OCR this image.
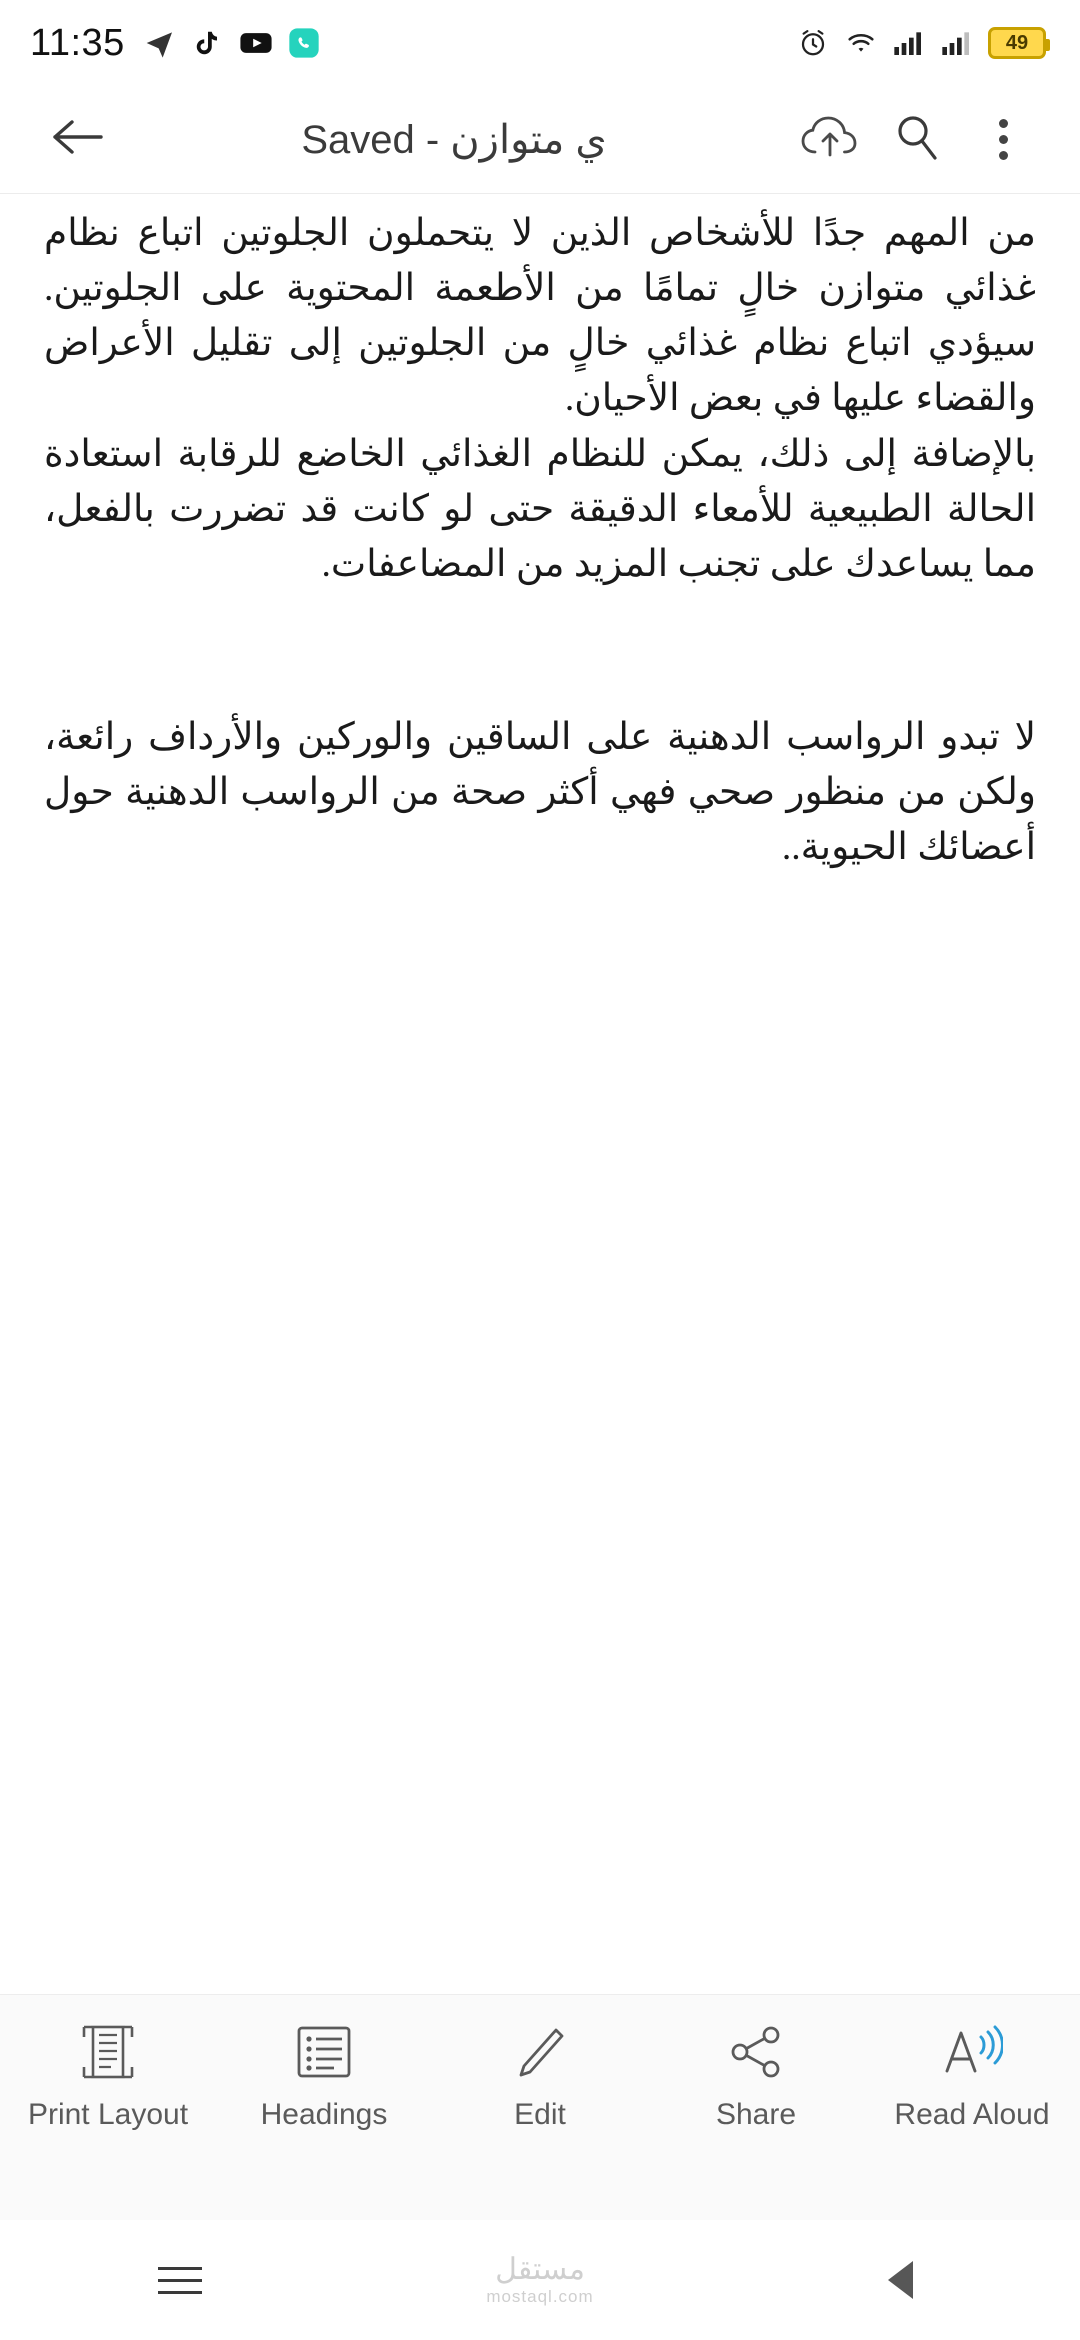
11:35	49
ي متوازن - Saved

من المهم جدًا للأشخاص الذين لا يتحملون الجلوتين اتباع نظام غذائي متوازن خالٍ تمامًا من الأطعمة المحتوية على الجلوتين. سيؤدي اتباع نظام غذائي خالٍ من الجلوتين إلى تقليل الأعراض والقضاء عليها في بعض الأحيان.

بالإضافة إلى ذلك، يمكن للنظام الغذائي الخاضع للرقابة استعادة الحالة الطبيعية للأمعاء الدقيقة حتى لو كانت قد تضررت بالفعل، مما يساعدك على تجنب المزيد من المضاعفات.

لا تبدو الرواسب الدهنية على الساقين والوركين والأرداف رائعة، ولكن من منظور صحي فهي أكثر صحة من الرواسب الدهنية حول أعضائك الحيوية..

Print Layout Headings	Edit	Share	Read Aloud
مستقل
mostaql.com
